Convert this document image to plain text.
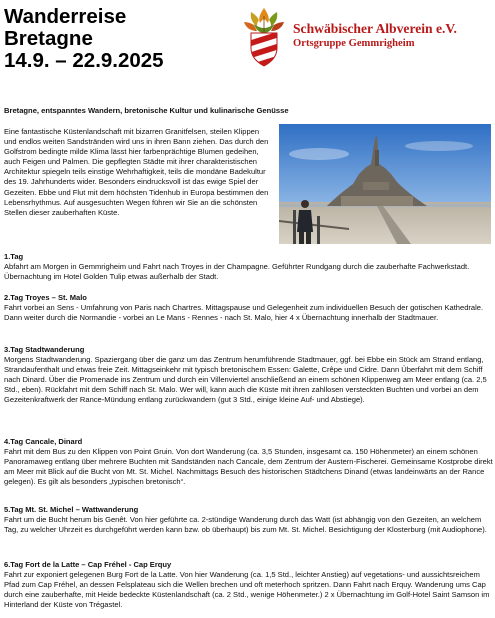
Wanderreise
Bretagne
14.9. – 22.9.2025
Schwäbischer Albverein e.V.
Ortsgruppe Gemmrigheim
Bretagne, entspanntes Wandern, bretonische Kultur und kulinarische Genüsse
Eine fantastische Küstenlandschaft mit bizarren Granitfelsen, steilen Klippen und endlos weiten Sandstränden wird uns in ihren Bann ziehen. Das durch den Golfstrom bedingte milde Klima lässt hier farbenprächtige Blumen gedeihen, auch Feigen und Palmen. Die gepflegten Städte mit ihrer charakteristischen Architektur spiegeln teils einstige Wehrhaftigkeit, teils die mondäne Badekultur des 19. Jahrhunderts wider. Besonders eindrucksvoll ist das ewige Spiel der Gezeiten. Ebbe und Flut mit dem höchsten Tidenhub in Europa bestimmen den Lebensrhythmus. Auf ausgesuchten Wegen führen wir Sie an die schönsten Stellen dieser zauberhaften Küste.
1.Tag
Abfahrt am Morgen in Gemmrigheim und Fahrt nach Troyes in der Champagne. Geführter Rundgang durch die zauberhafte Fachwerkstadt. Übernachtung im Hotel Golden Tulip etwas außerhalb der Stadt.
2.Tag Troyes – St. Malo
Fahrt vorbei an Sens - Umfahrung von Paris nach Chartres. Mittagspause und Gelegenheit zum individuellen Besuch der gotischen Kathedrale. Dann weiter durch die Normandie - vorbei an Le Mans - Rennes - nach St. Malo, hier 4 x Übernachtung innerhalb der Stadtmauer.
3.Tag Stadtwanderung
Morgens Stadtwanderung. Spaziergang über die ganz um das Zentrum herumführende Stadtmauer, ggf. bei Ebbe ein Stück am Strand entlang, Strandaufenthalt und etwas freie Zeit. Mittagseinkehr mit typisch bretonischem Essen: Galette, Crêpe und Cidre. Dann Überfahrt mit dem Schiff nach Dinard. Über die Promenade ins Zentrum und durch ein Villenviertel anschließend an einem schönen Klippenweg am Meer entlang (ca. 2,5 Std., eben). Rückfahrt mit dem Schiff nach St. Malo. Wer will, kann auch die Küste mit ihren zahllosen versteckten Buchten und vorbei an dem Gezeitenkraftwerk der Rance-Mündung entlang zurückwandern (gut 3 Std., einige kleine Auf- und Abstiege).
4.Tag Cancale, Dinard
Fahrt mit dem Bus zu den Klippen von Point Gruin. Von dort Wanderung (ca. 3,5 Stunden, insgesamt ca. 150 Höhenmeter) an einem schönen Panoramaweg entlang über mehrere Buchten mit Sandständen nach Cancale, dem Zentrum der Austern-Fischerei. Gemeinsame Kostprobe direkt am Meer mit Blick auf die Bucht von Mt. St. Michel. Nachmittags Besuch des historischen Städtchens Dinand (etwas landeinwärts an der Rance gelegen). Es gilt als besonders „typischen bretonisch“.
5.Tag Mt. St. Michel – Wattwanderung
Fahrt um die Bucht herum bis Genêt. Von hier geführte ca. 2-stündige Wanderung durch das Watt (ist abhängig von den Gezeiten, an welchem Tag, zu welcher Uhrzeit es durchgeführt werden kann bzw. ob überhaupt) bis zum Mt. St. Michel. Besichtigung der Klosterburg (mit Audiophone).
6.Tag Fort de la Latte – Cap Fréhel - Cap Erquy
Fahrt zur exponiert gelegenen Burg Fort de la Latte. Von hier Wanderung (ca. 1,5 Std., leichter Anstieg) auf vegetations- und aussichtsreichem Pfad zum Cap Fréhel, an dessen Felsplateau sich die Wellen brechen und oft meterhoch spritzen. Dann Fahrt nach Erquy. Wanderung ums Cap durch eine zauberhafte, mit Heide bedeckte Küstenlandschaft (ca. 2 Std., wenige Höhenmeter.) 2 x Übernachtung im Golf-Hotel Saint Samson im Hinterland der Küste von Trégastel.
